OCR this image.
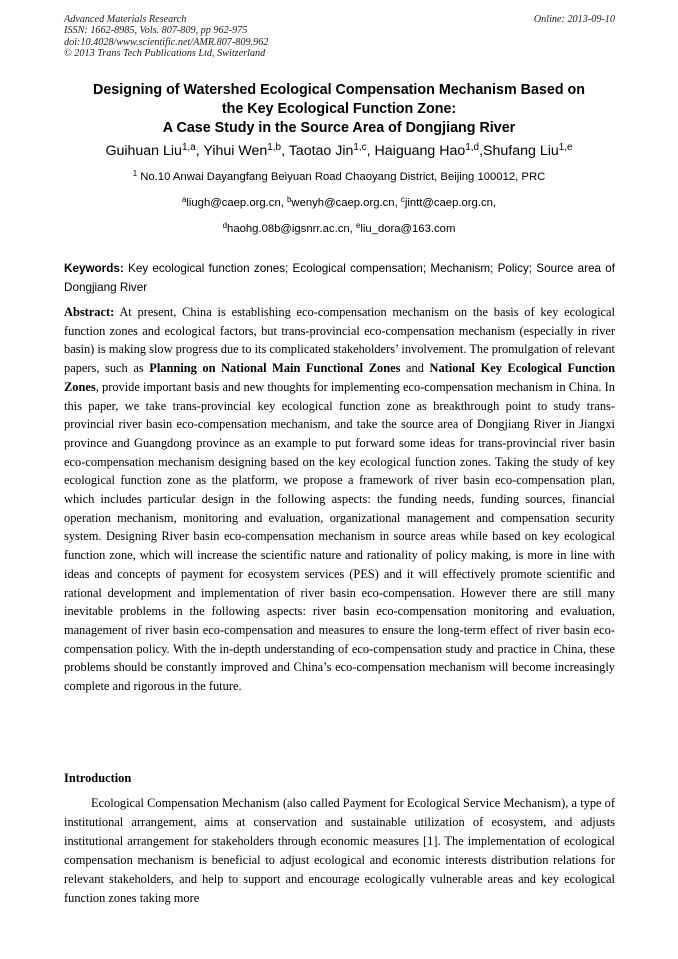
Advanced Materials Research
ISSN: 1662-8985, Vols. 807-809, pp 962-975
doi:10.4028/www.scientific.net/AMR.807-809.962
© 2013 Trans Tech Publications Ltd, Switzerland
Online: 2013-09-10
Designing of Watershed Ecological Compensation Mechanism Based on
the Key Ecological Function Zone:
A Case Study in the Source Area of Dongjiang River
Guihuan Liu$^{1,a}$, Yihui Wen$^{1,b}$, Taotao Jin$^{1,c}$, Haiguang Hao$^{1,d}$,Shufang Liu$^{1,e}$
$^1$ No.10 Anwai Dayangfang Beiyuan Road Chaoyang District, Beijing 100012, PRC
$^a$liugh@caep.org.cn, $^b$wenyh@caep.org.cn, $^c$jintt@caep.org.cn,
$^d$haohg.08b@igsnrr.ac.cn, $^e$liu_dora@163.com
Keywords: Key ecological function zones; Ecological compensation; Mechanism; Policy; Source area of Dongjiang River
Abstract: At present, China is establishing eco-compensation mechanism on the basis of key ecological function zones and ecological factors, but trans-provincial eco-compensation mechanism (especially in river basin) is making slow progress due to its complicated stakeholders’ involvement. The promulgation of relevant papers, such as Planning on National Main Functional Zones and National Key Ecological Function Zones, provide important basis and new thoughts for implementing eco-compensation mechanism in China. In this paper, we take trans-provincial key ecological function zone as breakthrough point to study trans-provincial river basin eco-compensation mechanism, and take the source area of Dongjiang River in Jiangxi province and Guangdong province as an example to put forward some ideas for trans-provincial river basin eco-compensation mechanism designing based on the key ecological function zones. Taking the study of key ecological function zone as the platform, we propose a framework of river basin eco-compensation plan, which includes particular design in the following aspects: the funding needs, funding sources, financial operation mechanism, monitoring and evaluation, organizational management and compensation security system. Designing River basin eco-compensation mechanism in source areas while based on key ecological function zone, which will increase the scientific nature and rationality of policy making, is more in line with ideas and concepts of payment for ecosystem services (PES) and it will effectively promote scientific and rational development and implementation of river basin eco-compensation. However there are still many inevitable problems in the following aspects: river basin eco-compensation monitoring and evaluation, management of river basin eco-compensation and measures to ensure the long-term effect of river basin eco-compensation policy. With the in-depth understanding of eco-compensation study and practice in China, these problems should be constantly improved and China’s eco-compensation mechanism will become increasingly complete and rigorous in the future.
Introduction
Ecological Compensation Mechanism (also called Payment for Ecological Service Mechanism), a type of institutional arrangement, aims at conservation and sustainable utilization of ecosystem, and adjusts institutional arrangement for stakeholders through economic measures [1]. The implementation of ecological compensation mechanism is beneficial to adjust ecological and economic interests distribution relations for relevant stakeholders, and help to support and encourage ecologically vulnerable areas and key ecological function zones taking more
